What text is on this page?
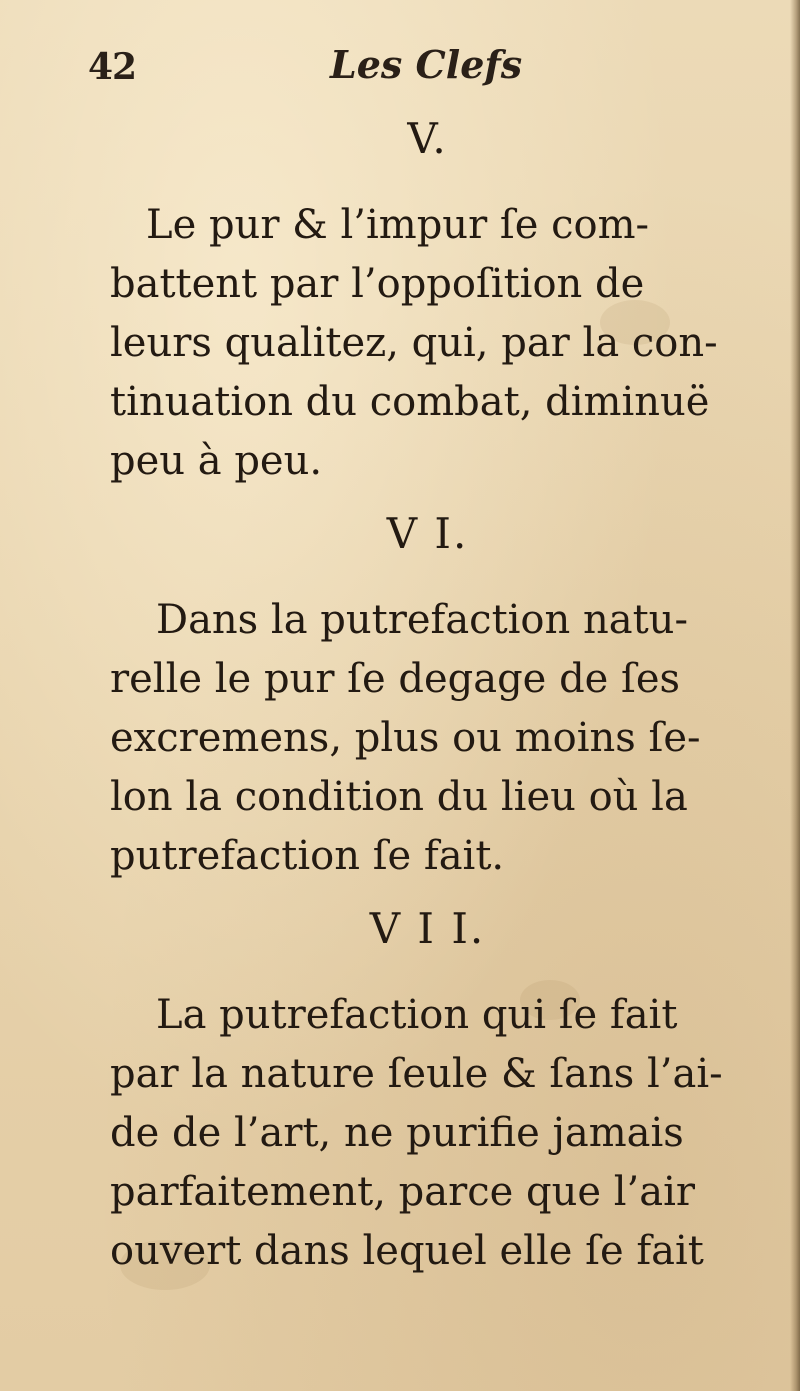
42	Les Clefs
V.
Le pur & l’impur ſe com-
battent par l’oppoſition de
leurs qualitez, qui, par la con-
tinuation du combat, diminuë
peu à peu.
V I.
Dans la putrefaction natu-
relle le pur ſe degage de ſes
excremens, plus ou moins ſe-
lon la condition du lieu où la
putrefaction ſe fait.
V I I.
La putrefaction qui ſe fait
par la nature ſeule & ſans l’ai-
de de l’art, ne purifie jamais
parfaitement, parce que l’air
ouvert dans lequel elle ſe fait
